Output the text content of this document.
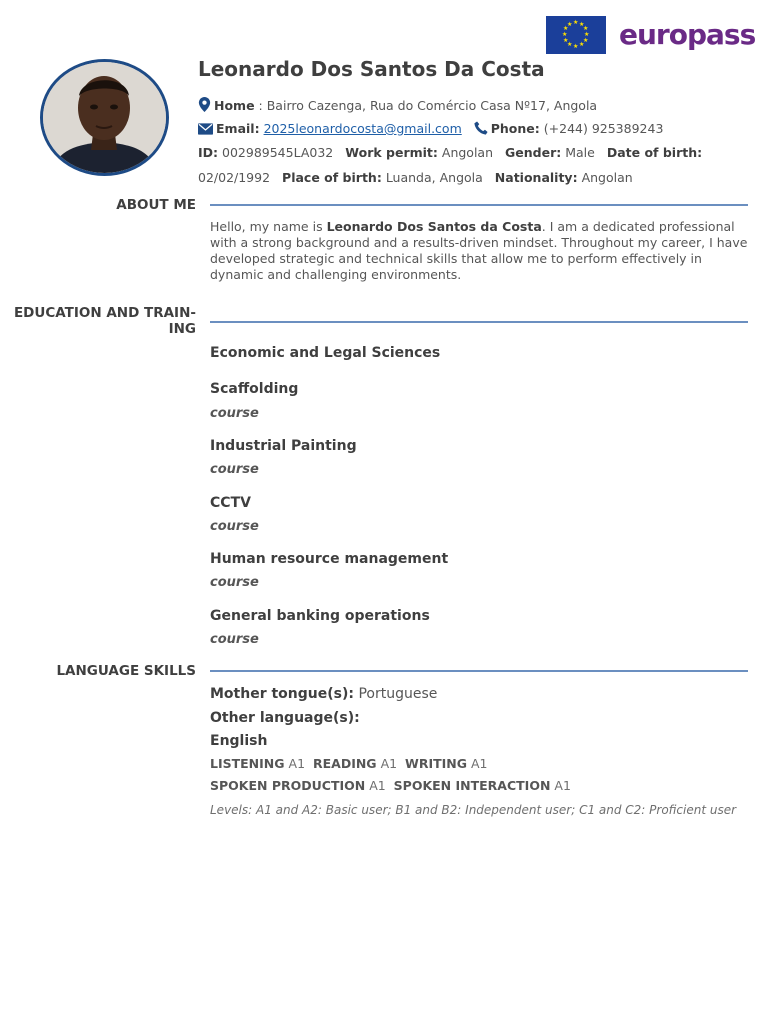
★ ★
★
★
★
★
★
★
★
★
★
★ europass
Leonardo Dos Santos Da Costa
Home : Bairro Cazenga, Rua do Comércio Casa Nº17, Angola
Email: 2025leonardocosta@gmail.com Phone: (+244) 925389243
ID: 002989545LA032 Work permit: Angolan Gender: Male Date of birth:
02/02/1992 Place of birth: Luanda, Angola Nationality: Angolan
ABOUT ME
Hello, my name is Leonardo Dos Santos da Costa. I am a dedicated professional with a strong background and a results-driven mindset. Throughout my career, I have developed strategic and technical skills that allow me to perform effectively in dynamic and challenging environments.
EDUCATION AND TRAIN-
ING
Economic and Legal Sciences
Scaffolding
course
Industrial Painting
course
CCTV
course
Human resource management
course
General banking operations
course
LANGUAGE SKILLS
Mother tongue(s): Portuguese
Other language(s):
English
LISTENING A1 READING A1 WRITING A1
SPOKEN PRODUCTION A1 SPOKEN INTERACTION A1
Levels: A1 and A2: Basic user; B1 and B2: Independent user; C1 and C2: Proficient user
